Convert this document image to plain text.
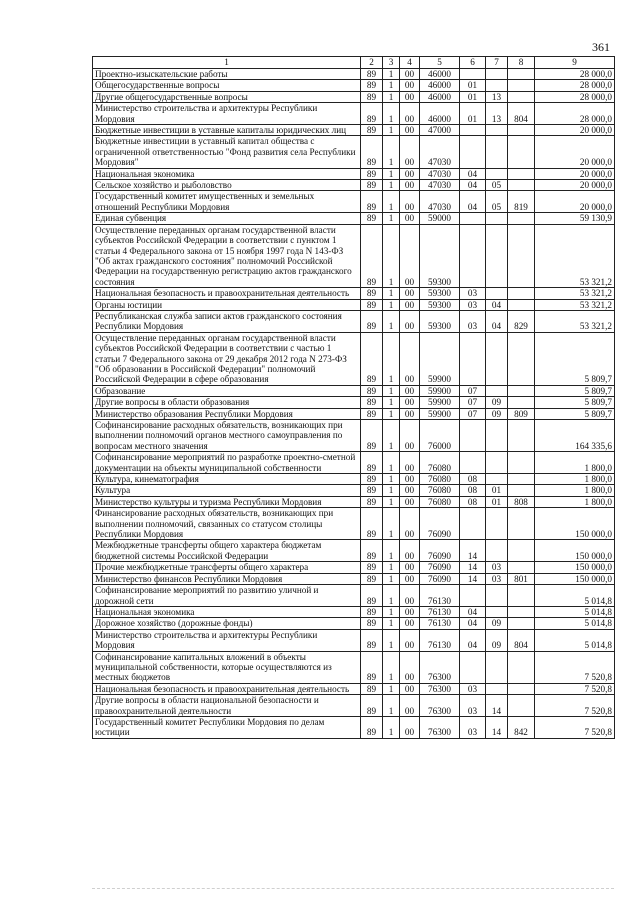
361
1	2	3	4	5	6	7	8	9
Проектно-изыскательские работы	89	1	00	46000				28 000,0
Общегосударственные вопросы	89	1	00	46000	01			28 000,0
Другие общегосударственные вопросы	89	1	00	46000	01	13		28 000,0
Министерство строительства и архитектуры Республики Мордовия	89	1	00	46000	01	13	804	28 000,0
Бюджетные инвестиции в уставные капиталы юридических лиц	89	1	00	47000				20 000,0
Бюджетные инвестиции в уставный капитал общества с ограниченной ответственностью "Фонд развития села Республики Мордовия"	89	1	00	47030				20 000,0
Национальная экономика	89	1	00	47030	04			20 000,0
Сельское хозяйство и рыболовство	89	1	00	47030	04	05		20 000,0
Государственный комитет имущественных и земельных отношений Республики Мордовия	89	1	00	47030	04	05	819	20 000,0
Единая субвенция	89	1	00	59000				59 130,9
Осуществление переданных органам государственной власти субъектов Российской Федерации в соответствии с пунктом 1 статьи 4 Федерального закона от 15 ноября 1997 года N 143-ФЗ "Об актах гражданского состояния" полномочий Российской Федерации на государственную регистрацию актов гражданского состояния	89	1	00	59300				53 321,2
Национальная безопасность и правоохранительная деятельность	89	1	00	59300	03			53 321,2
Органы юстиции	89	1	00	59300	03	04		53 321,2
Республиканская служба записи актов гражданского состояния Республики Мордовия	89	1	00	59300	03	04	829	53 321,2
Осуществление переданных органам государственной власти субъектов Российской Федерации в соответствии с частью 1 статьи 7 Федерального закона от 29 декабря 2012 года N 273-ФЗ "Об образовании в Российской Федерации" полномочий Российской Федерации в сфере образования	89	1	00	59900				5 809,7
Образование	89	1	00	59900	07			5 809,7
Другие вопросы в области образования	89	1	00	59900	07	09		5 809,7
Министерство образования Республики Мордовия	89	1	00	59900	07	09	809	5 809,7
Софинансирование расходных обязательств, возникающих при выполнении полномочий органов местного самоуправления по вопросам местного значения	89	1	00	76000				164 335,6
Софинансирование мероприятий по разработке проектно-сметной документации на объекты муниципальной собственности	89	1	00	76080				1 800,0
Культура, кинематография	89	1	00	76080	08			1 800,0
Культура	89	1	00	76080	08	01		1 800,0
Министерство культуры и туризма Республики Мордовия	89	1	00	76080	08	01	808	1 800,0
Финансирование расходных обязательств, возникающих при выполнении полномочий, связанных со статусом столицы Республики Мордовия	89	1	00	76090				150 000,0
Межбюджетные трансферты общего характера бюджетам бюджетной системы Российской Федерации	89	1	00	76090	14			150 000,0
Прочие межбюджетные трансферты общего характера	89	1	00	76090	14	03		150 000,0
Министерство финансов Республики Мордовия	89	1	00	76090	14	03	801	150 000,0
Софинансирование мероприятий по развитию уличной и дорожной сети	89	1	00	76130				5 014,8
Национальная экономика	89	1	00	76130	04			5 014,8
Дорожное хозяйство (дорожные фонды)	89	1	00	76130	04	09		5 014,8
Министерство строительства и архитектуры Республики Мордовия	89	1	00	76130	04	09	804	5 014,8
Софинансирование капитальных вложений в объекты муниципальной собственности, которые осуществляются из местных бюджетов	89	1	00	76300				7 520,8
Национальная безопасность и правоохранительная деятельность	89	1	00	76300	03			7 520,8
Другие вопросы в области национальной безопасности и правоохранительной деятельности	89	1	00	76300	03	14		7 520,8
Государственный комитет Республики Мордовия по делам юстиции	89	1	00	76300	03	14	842	7 520,8
